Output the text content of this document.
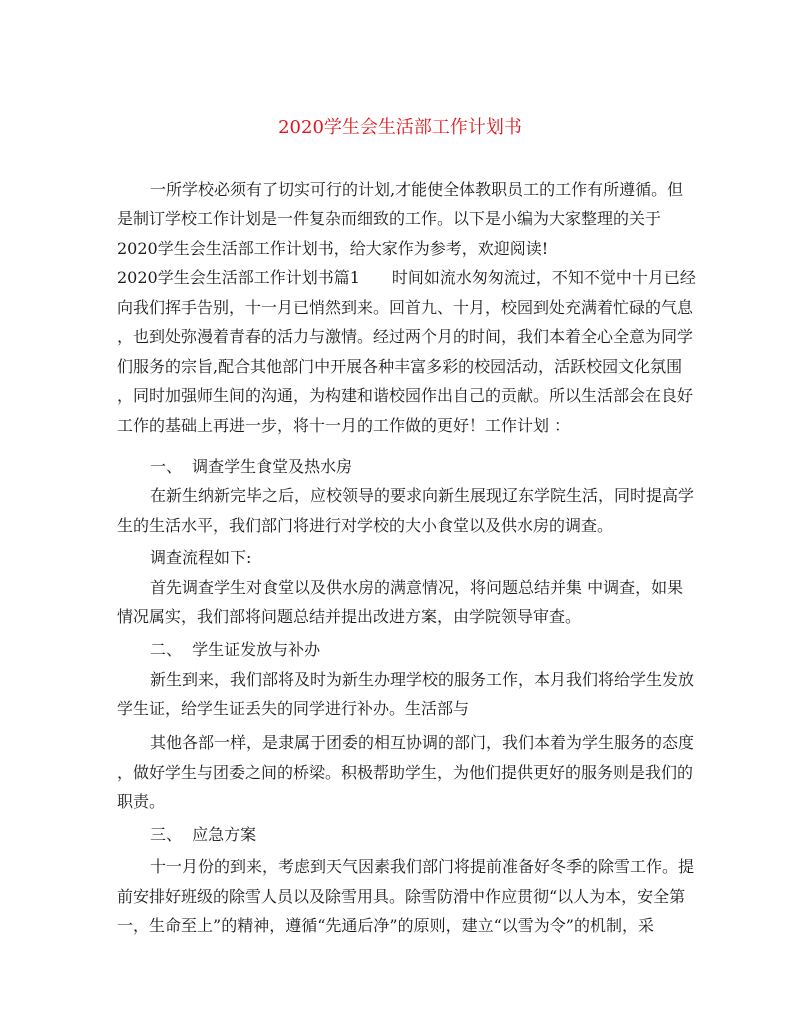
2020学生会生活部工作计划书
一所学校必须有了切实可行的计划,才能使全体教职员工的工作有所遵循。但
是制订学校工作计划是一件复杂而细致的工作。以下是小编为大家整理的关于
2020学生会生活部工作计划书，给大家作为参考，欢迎阅读!
2020学生会生活部工作计划书篇1　　时间如流水匆匆流过，不知不觉中十月已经
向我们挥手告别，十一月已悄然到来。回首九、十月，校园到处充满着忙碌的气息
，也到处弥漫着青春的活力与激情。经过两个月的时间，我们本着全心全意为同学
们服务的宗旨,配合其他部门中开展各种丰富多彩的校园活动，活跃校园文化氛围
，同时加强师生间的沟通，为构建和谐校园作出自己的贡献。所以生活部会在良好
工作的基础上再进一步，将十一月的工作做的更好！工作计划 ：
一、  调查学生食堂及热水房
在新生纳新完毕之后，应校领导的要求向新生展现辽东学院生活，同时提高学
生的生活水平，我们部门将进行对学校的大小食堂以及供水房的调查。
调查流程如下:
首先调查学生对食堂以及供水房的满意情况，将问题总结并集 中调查，如果
情况属实，我们部将问题总结并提出改进方案，由学院领导审查。
二、  学生证发放与补办
新生到来，我们部将及时为新生办理学校的服务工作，本月我们将给学生发放
学生证，给学生证丢失的同学进行补办。生活部与
其他各部一样，是隶属于团委的相互协调的部门，我们本着为学生服务的态度
，做好学生与团委之间的桥梁。积极帮助学生，为他们提供更好的服务则是我们的
职责。
三、  应急方案
十一月份的到来，考虑到天气因素我们部门将提前准备好冬季的除雪工作。提
前安排好班级的除雪人员以及除雪用具。除雪防滑中作应贯彻“以人为本，安全第
一，生命至上”的精神，遵循“先通后净”的原则，建立“以雪为令”的机制，采
